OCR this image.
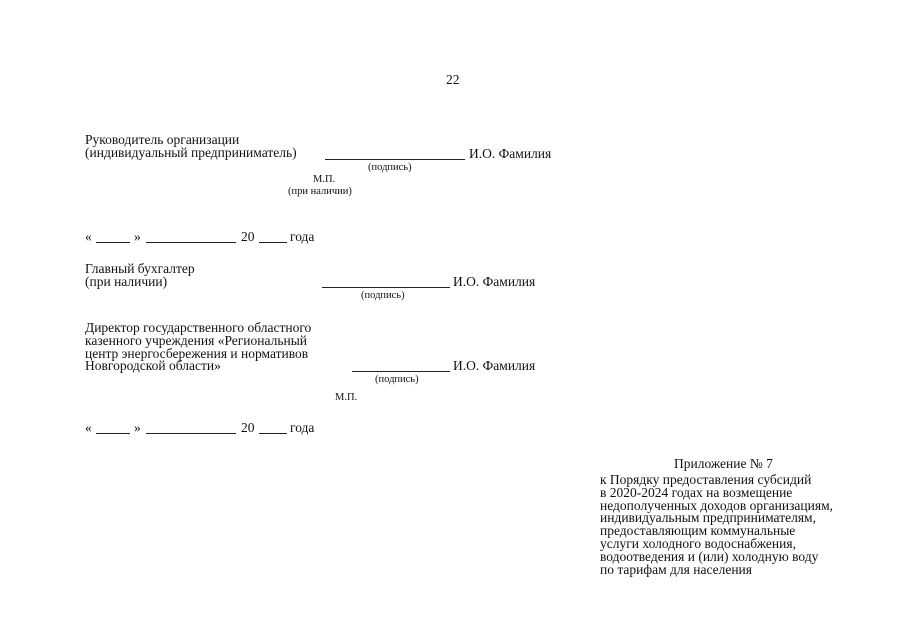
22
Руководитель организации
(индивидуальный предприниматель)	И.О. Фамилия
(подпись)
М.П.
(при наличии)
«	»	20	года
Главный бухгалтер
(при наличии)	И.О. Фамилия
(подпись)
Директор государственного областного
казенного учреждения «Региональный
центр энергосбережения и нормативов
Новгородской области»	И.О. Фамилия
(подпись)
М.П.
«	»	20	года
Приложение № 7
к Порядку предоставления субсидий
в 2020-2024 годах на возмещение
недополученных доходов организациям,
индивидуальным предпринимателям,
предоставляющим коммунальные
услуги холодного водоснабжения,
водоотведения и (или) холодную воду
по тарифам для населения
